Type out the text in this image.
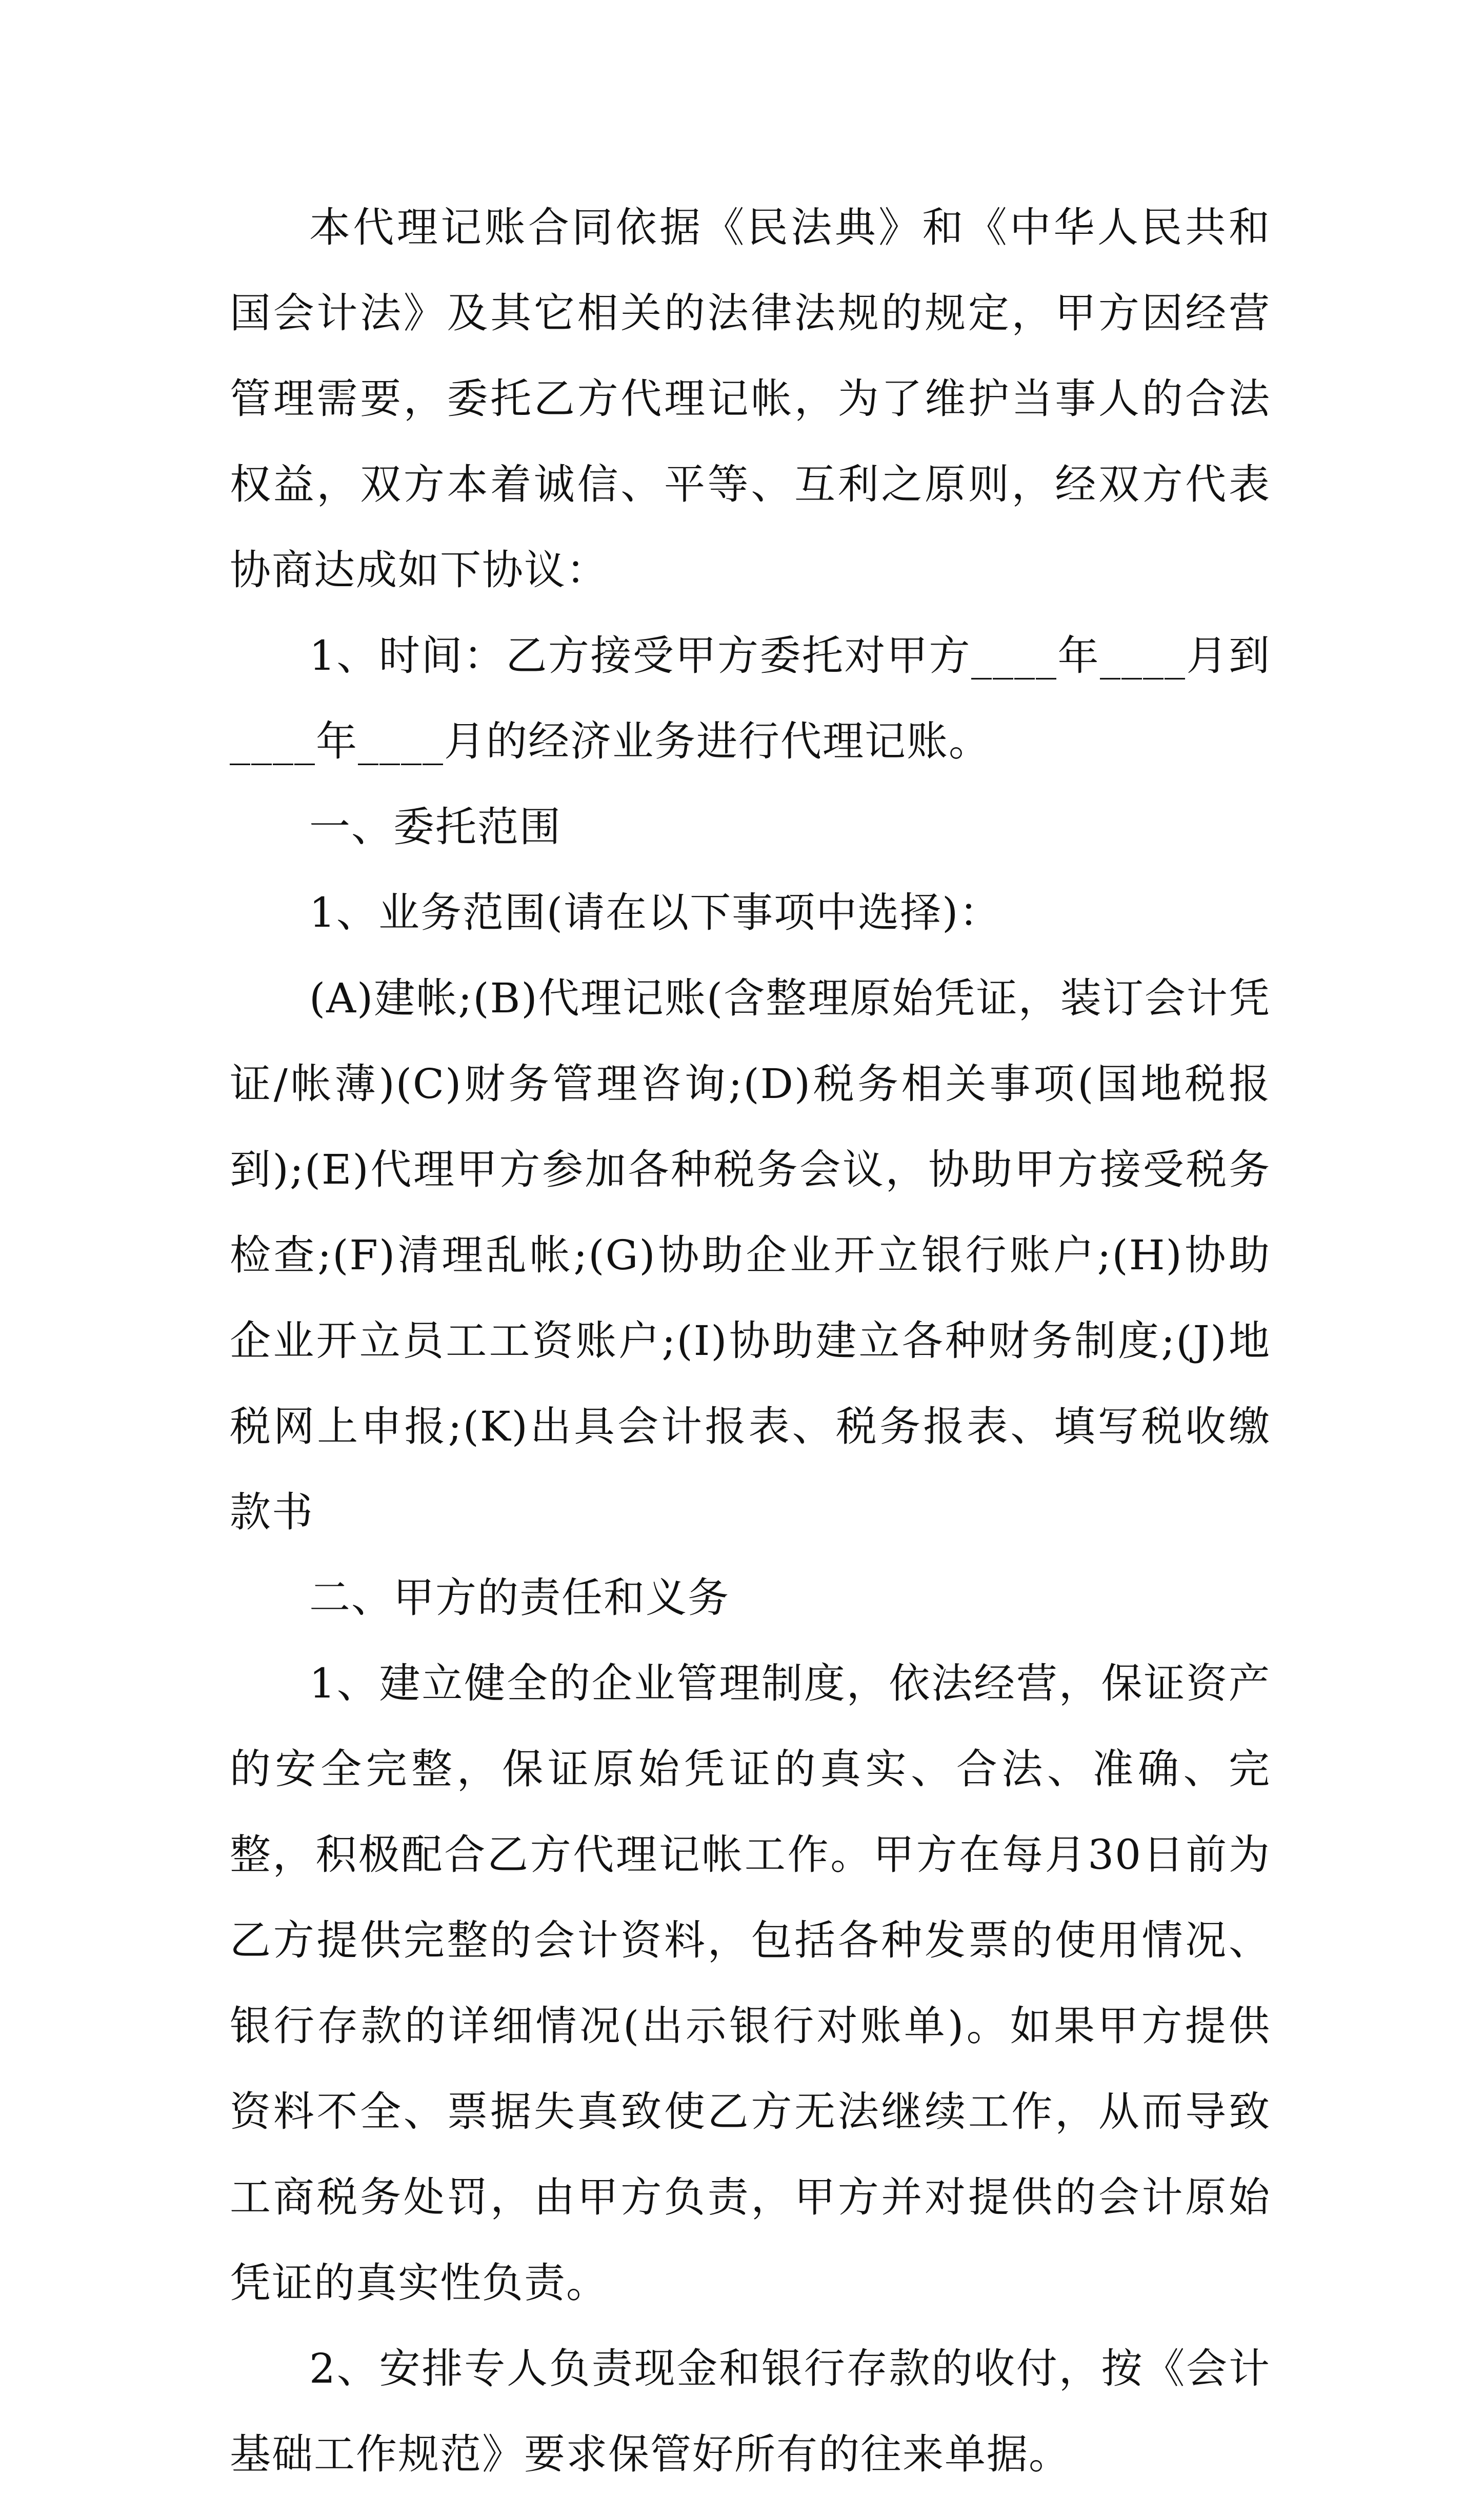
本代理记账合同依据《民法典》和《中华人民共和国会计法》及其它相关的法律法规的规定，甲方因经营管理需要，委托乙方代理记帐，为了维护当事人的合法权益，双方本着诚信、平等、互利之原则，经双方代表协商达成如下协议：

1、时间：乙方接受甲方委托对甲方____年____月到____年____月的经济业务进行代理记账。

一、委托范围

1、业务范围(请在以下事项中选择)：

(A)建帐;(B)代理记账(含整理原始凭证，装订会计凭证/帐薄)(C)财务管理咨询;(D)税务相关事项(国地税报到);(E)代理甲方参加各种税务会议，协助甲方接受税务检查;(F)清理乱帐;(G)协助企业开立银行账户;(H)协助企业开立员工工资账户;(I)协助建立各种财务制度;(J)地税网上申报;(K)出具会计报表、税务报表、填写税收缴款书

二、甲方的责任和义务

1、建立健全的企业管理制度，依法经营，保证资产的安全完整，保证原始凭证的真实、合法、准确、完整，积极配合乙方代理记帐工作。甲方在每月30日前为乙方提供完整的会计资料，包括各种发票的使用情况、银行存款的详细情况(出示银行对账单)。如果甲方提供资料不全、票据失真致使乙方无法继续工作，从而导致工商税务处罚，由甲方负责，甲方并对提供的会计原始凭证的真实性负责。

2、安排专人负责现金和银行存款的收付，按《会计基础工作规范》要求保管好所有的往来单据。
